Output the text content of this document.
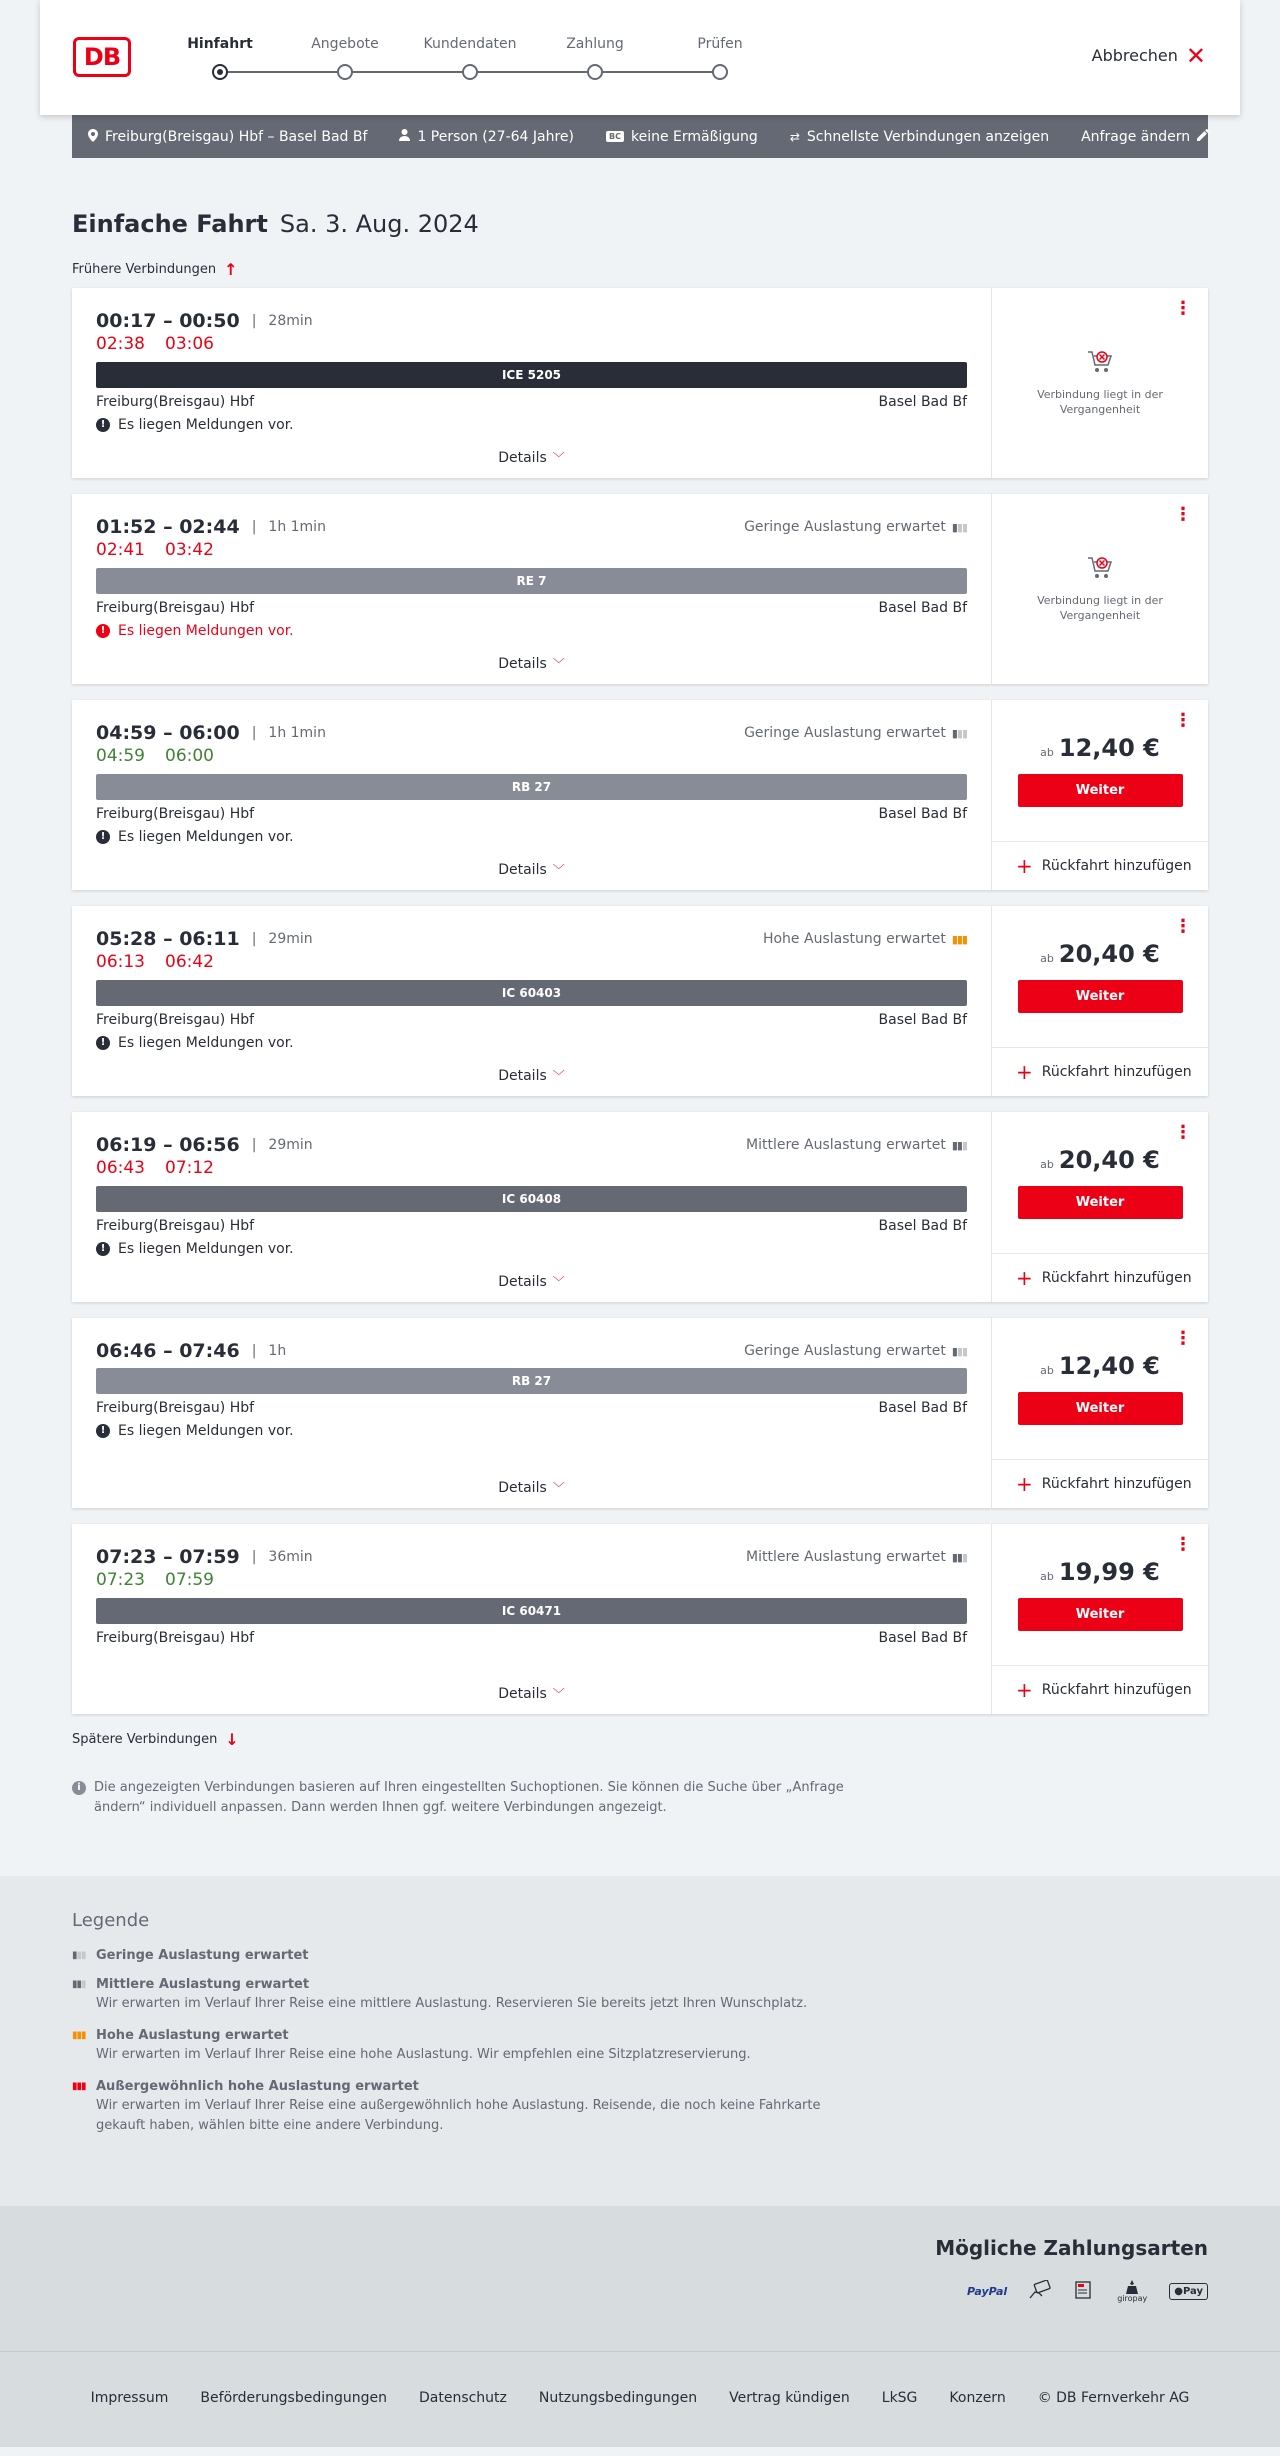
DB	Hinfahrt	Angebote	Kundendaten	Zahlung	Prüfen
Abbrechen ✕
Freiburg(Breisgau) Hbf – Basel Bad Bf	1 Person (27-64 Jahre)	BC keine Ermäßigung	⇄ Schnellste Verbindungen anzeigen Anfrage ändern
Einfache Fahrt Sa. 3. Aug. 2024
Frühere Verbindungen ↑
00:17 – 00:50 | 28min
02:38 03:06
ICE 5205
Freiburg(Breisgau) Hbf	Basel Bad Bf
! Es liegen Meldungen vor.
Details ﹀
⋮
Verbindung liegt in der Vergangenheit
01:52 – 02:44 | 1h 1min	Geringe Auslastung erwartet ▮▮▮
02:41 03:42
RE 7
Freiburg(Breisgau) Hbf	Basel Bad Bf
! Es liegen Meldungen vor.
Details ﹀
⋮
Verbindung liegt in der Vergangenheit
04:59 – 06:00 | 1h 1min	Geringe Auslastung erwartet ▮▮▮
04:59 06:00
RB 27
Freiburg(Breisgau) Hbf	Basel Bad Bf
! Es liegen Meldungen vor.
Details ﹀
⋮
ab 12,40 €
Weiter
+ Rückfahrt hinzufügen
05:28 – 06:11 | 29min	Hohe Auslastung erwartet ▮▮▮
06:13 06:42
IC 60403
Freiburg(Breisgau) Hbf	Basel Bad Bf
! Es liegen Meldungen vor.
Details ﹀
⋮
ab 20,40 €
Weiter
+ Rückfahrt hinzufügen
06:19 – 06:56 | 29min	Mittlere Auslastung erwartet ▮▮▮
06:43 07:12
IC 60408
Freiburg(Breisgau) Hbf	Basel Bad Bf
! Es liegen Meldungen vor.
Details ﹀
⋮
ab 20,40 €
Weiter
+ Rückfahrt hinzufügen
06:46 – 07:46 | 1h	Geringe Auslastung erwartet ▮▮▮
RB 27
Freiburg(Breisgau) Hbf	Basel Bad Bf
! Es liegen Meldungen vor.
Details ﹀
⋮
ab 12,40 €
Weiter
+ Rückfahrt hinzufügen
07:23 – 07:59 | 36min	Mittlere Auslastung erwartet ▮▮▮
07:23 07:59
IC 60471
Freiburg(Breisgau) Hbf	Basel Bad Bf
Details ﹀
⋮
ab 19,99 €
Weiter
+ Rückfahrt hinzufügen
Spätere Verbindungen ↓
i	Die angezeigten Verbindungen basieren auf Ihren eingestellten Suchoptionen. Sie können die Suche über „Anfrage ändern“ individuell anpassen. Dann werden Ihnen ggf. weitere Verbindungen angezeigt.
Legende
▮▮▮ Geringe Auslastung erwartet
▮▮▮ Mittlere Auslastung erwartet
Wir erwarten im Verlauf Ihrer Reise eine mittlere Auslastung. Reservieren Sie bereits jetzt Ihren Wunschplatz.
▮▮▮ Hohe Auslastung erwartet
Wir erwarten im Verlauf Ihrer Reise eine hohe Auslastung. Wir empfehlen eine Sitzplatzreservierung.
▮▮▮ Außergewöhnlich hohe Auslastung erwartet
Wir erwarten im Verlauf Ihrer Reise eine außergewöhnlich hohe Auslastung. Reisende, die noch keine Fahrkarte gekauft haben, wählen bitte eine andere Verbindung.
Mögliche Zahlungsarten
PayPal
giropay
●Pay
Impressum Beförderungsbedingungen Datenschutz Nutzungsbedingungen Vertrag kündigen LkSG Konzern © DB Fernverkehr AG
